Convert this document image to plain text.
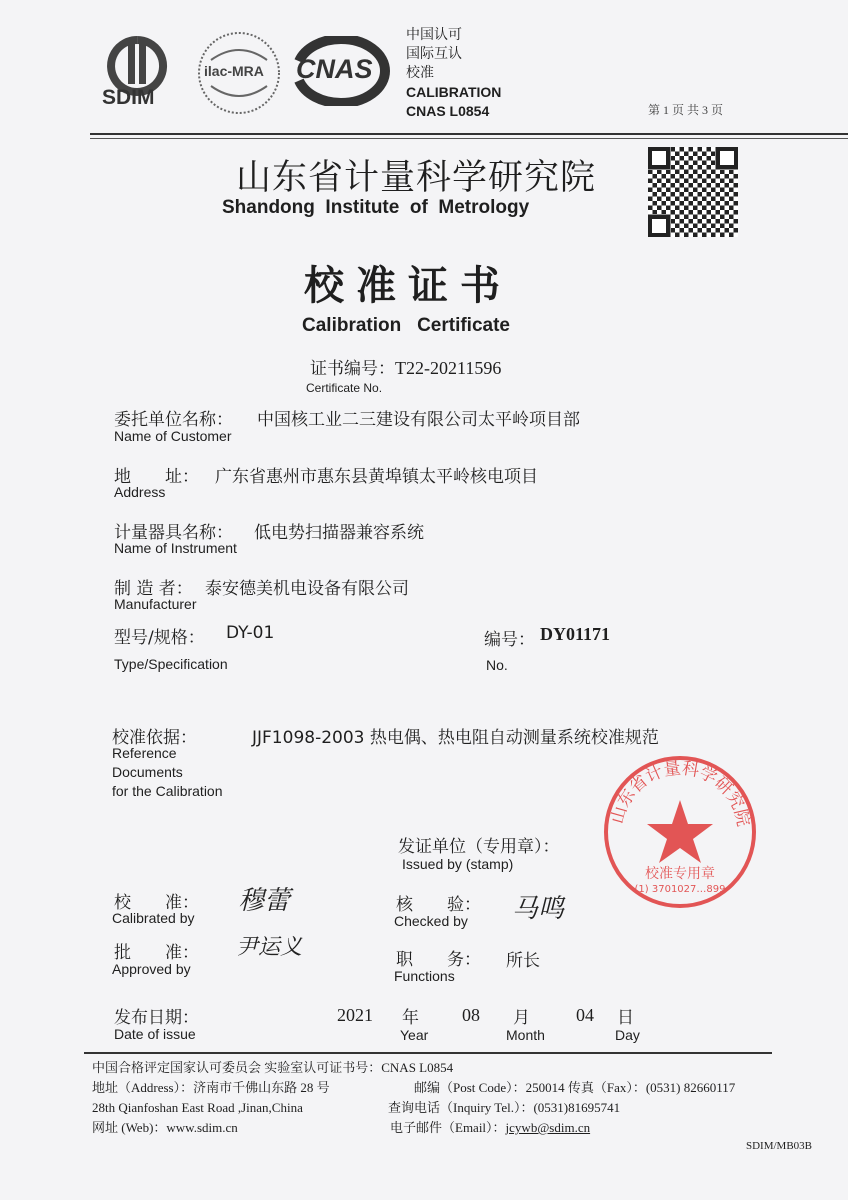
SDIM
ilac-MRA CNAS
中国认可
国际互认
校准
CALIBRATION
CNAS L0854	第 1 页 共 3 页
山东省计量科学研究院
Shandong  Institute  of  Metrology
校准证书
Calibration   Certificate
证书编号：T22-20211596
Certificate No.
委托单位名称： 中国核工业二三建设有限公司太平岭项目部
Name of Customer
地　　址： 广东省惠州市惠东县黄埠镇太平岭核电项目
Address
计量器具名称： 低电势扫描器兼容系统
Name of Instrument
制 造 者： 泰安德美机电设备有限公司
Manufacturer
型号/规格： DY-01
Type/Specification
编号： DY01171
No.
校准依据：	JJF1098-2003 热电偶、热电阻自动测量系统校准规范
Reference
Documents
for the Calibration
山东省计量科学研究院
校准专用章
(1) 3701027…899
发证单位（专用章）：
Issued by (stamp)
校　　准：
Calibrated by
穆蕾	核　　验：
Checked by 马鸣
批　　准：
Approved by
尹运义	职　　务：
Functions
所长
发布日期：
Date of issue
2021 年
Year
08 月
Month
04 日
Day
中国合格评定国家认可委员会 实验室认可证书号：CNAS L0854
地址（Address）：济南市千佛山东路 28 号	邮编（Post Code）：250014 传真（Fax）：(0531) 82660117
28th Qianfoshan East Road ,Jinan,China	查询电话（Inquiry Tel.）：(0531)81695741
网址 (Web)：www.sdim.cn	电子邮件（Email）：jcywb@sdim.cn
SDIM/MB03B
